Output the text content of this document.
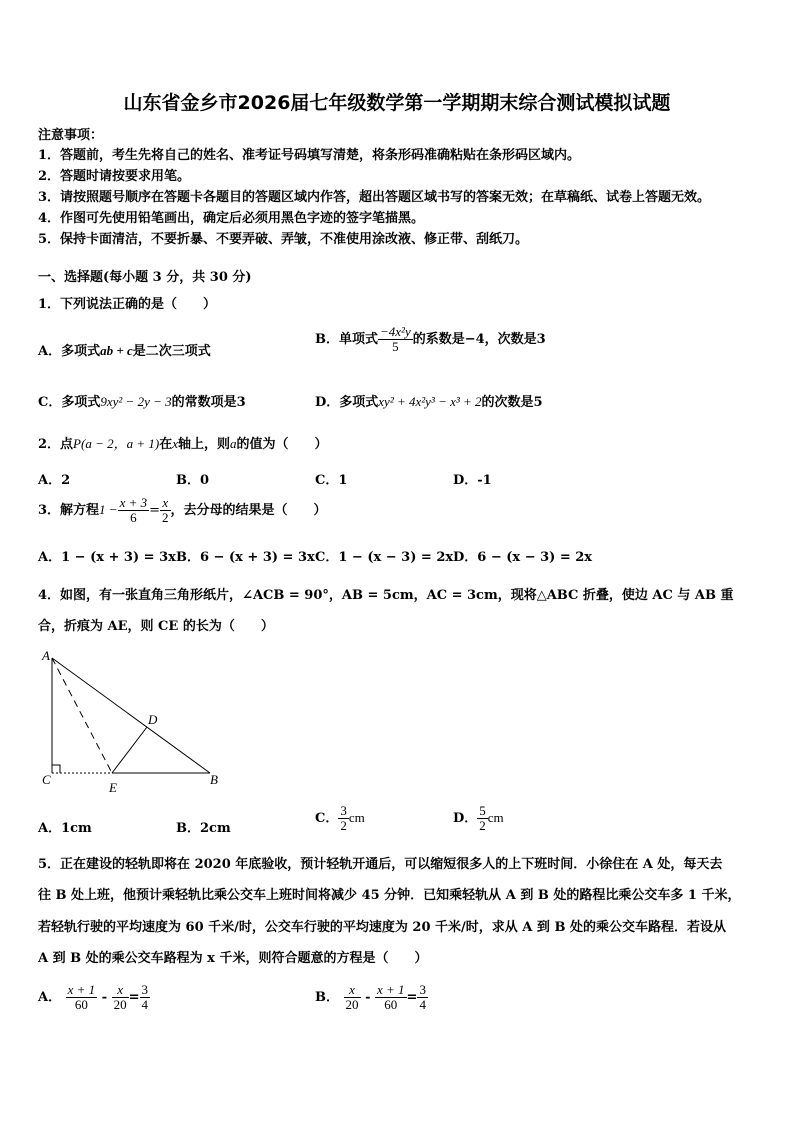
山东省金乡市2026届七年级数学第一学期期末综合测试模拟试题
注意事项：
1．答题前，考生先将自己的姓名、准考证号码填写清楚，将条形码准确粘贴在条形码区域内。
2．答题时请按要求用笔。
3．请按照题号顺序在答题卡各题目的答题区域内作答，超出答题区域书写的答案无效；在草稿纸、试卷上答题无效。
4．作图可先使用铅笔画出，确定后必须用黑色字迹的签字笔描黑。
5．保持卡面清洁，不要折暴、不要弄破、弄皱，不准使用涂改液、修正带、刮纸刀。
一、选择题(每小题 3 分，共 30 分)
1．下列说法正确的是（　　）
A．多项式ab + c是二次三项式
B．单项式 $\frac{\text{−4x²y}}{5}$ 的系数是−4，次数是3
C．多项式9xy² − 2y − 3的常数项是3	D．多项式xy² + 4x²y³ − x³ + 2的次数是5
2．点P(a − 2，a + 1)在x轴上，则a的值为（　　）
A．2	B．0	C．1	D．-1
3．解方程$1 - \frac{x + 3}{6} = \frac{x}{2}$ ，去分母的结果是（　　）
A．1 − (x + 3) = 3x B．6 − (x + 3) = 3x C．1 − (x − 3) = 2x D．6 − (x − 3) = 2x
4．如图，有一张直角三角形纸片，∠ACB = 90°，AB = 5cm，AC = 3cm，现将△ABC 折叠，使边 AC 与 AB 重
合，折痕为 AE，则 CE 的长为（　　）
A
C	B
D
E
A．1cm	B．2cm
C． $\frac{3}{2}$ cm	D． $\frac{5}{2}$ cm
5．正在建设的轻轨即将在 2020 年底验收，预计轻轨开通后，可以缩短很多人的上下班时间．小徐住在 A 处，每天去
往 B 处上班，他预计乘轻轨比乘公交车上班时间将减少 45 分钟．已知乘轻轨从 A 到 B 处的路程比乘公交车多 1 千米，
若轻轨行驶的平均速度为 60 千米/时，公交车行驶的平均速度为 20 千米/时，求从 A 到 B 处的乘公交车路程．若设从
A 到 B 处的乘公交车路程为 x 千米，则符合题意的方程是（　　）
A． $\frac{x + 1}{60} - \frac{x}{20} = \frac{3}{4}$	B． $\frac{x}{20} - \frac{x + 1}{60} = \frac{3}{4}$
